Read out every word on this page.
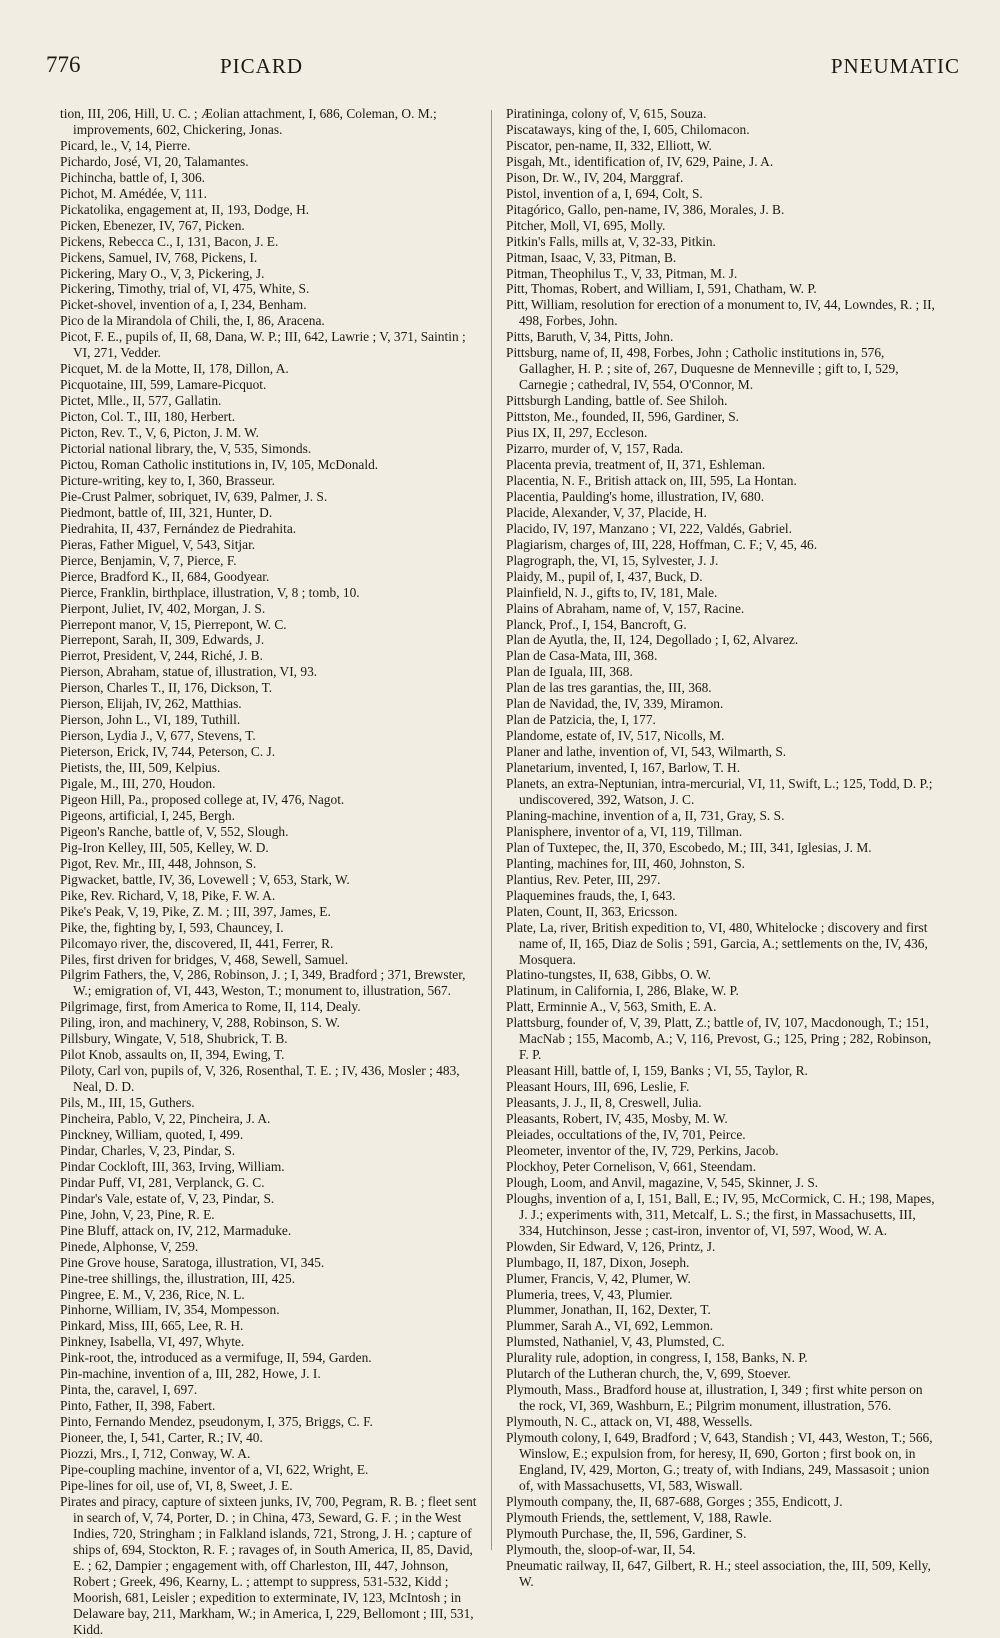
776	PICARD	PNEUMATIC
tion, III, 206, Hill, U. C. ; Æolian attachment, I, 686, Coleman, O. M.; improvements, 602, Chickering, Jonas.
Picard, le., V, 14, Pierre.
Pichardo, José, VI, 20, Talamantes.
Pichincha, battle of, I, 306.
Pichot, M. Amédée, V, 111.
Pickatolika, engagement at, II, 193, Dodge, H.
Picken, Ebenezer, IV, 767, Picken.
Pickens, Rebecca C., I, 131, Bacon, J. E.
Pickens, Samuel, IV, 768, Pickens, I.
Pickering, Mary O., V, 3, Pickering, J.
Pickering, Timothy, trial of, VI, 475, White, S.
Picket-shovel, invention of a, I, 234, Benham.
Pico de la Mirandola of Chili, the, I, 86, Aracena.
Picot, F. E., pupils of, II, 68, Dana, W. P.; III, 642, Lawrie ; V, 371, Saintin ; VI, 271, Vedder.
Picquet, M. de la Motte, II, 178, Dillon, A.
Picquotaine, III, 599, Lamare-Picquot.
Pictet, Mlle., II, 577, Gallatin.
Picton, Col. T., III, 180, Herbert.
Picton, Rev. T., V, 6, Picton, J. M. W.
Pictorial national library, the, V, 535, Simonds.
Pictou, Roman Catholic institutions in, IV, 105, McDonald.
Picture-writing, key to, I, 360, Brasseur.
Pie-Crust Palmer, sobriquet, IV, 639, Palmer, J. S.
Piedmont, battle of, III, 321, Hunter, D.
Piedrahita, II, 437, Fernández de Piedrahita.
Pieras, Father Miguel, V, 543, Sitjar.
Pierce, Benjamin, V, 7, Pierce, F.
Pierce, Bradford K., II, 684, Goodyear.
Pierce, Franklin, birthplace, illustration, V, 8 ; tomb, 10.
Pierpont, Juliet, IV, 402, Morgan, J. S.
Pierrepont manor, V, 15, Pierrepont, W. C.
Pierrepont, Sarah, II, 309, Edwards, J.
Pierrot, President, V, 244, Riché, J. B.
Pierson, Abraham, statue of, illustration, VI, 93.
Pierson, Charles T., II, 176, Dickson, T.
Pierson, Elijah, IV, 262, Matthias.
Pierson, John L., VI, 189, Tuthill.
Pierson, Lydia J., V, 677, Stevens, T.
Pieterson, Erick, IV, 744, Peterson, C. J.
Pietists, the, III, 509, Kelpius.
Pigale, M., III, 270, Houdon.
Pigeon Hill, Pa., proposed college at, IV, 476, Nagot.
Pigeons, artificial, I, 245, Bergh.
Pigeon's Ranche, battle of, V, 552, Slough.
Pig-Iron Kelley, III, 505, Kelley, W. D.
Pigot, Rev. Mr., III, 448, Johnson, S.
Pigwacket, battle, IV, 36, Lovewell ; V, 653, Stark, W.
Pike, Rev. Richard, V, 18, Pike, F. W. A.
Pike's Peak, V, 19, Pike, Z. M. ; III, 397, James, E.
Pike, the, fighting by, I, 593, Chauncey, I.
Pilcomayo river, the, discovered, II, 441, Ferrer, R.
Piles, first driven for bridges, V, 468, Sewell, Samuel.
Pilgrim Fathers, the, V, 286, Robinson, J. ; I, 349, Bradford ; 371, Brewster, W.; emigration of, VI, 443, Weston, T.; monument to, illustration, 567.
Pilgrimage, first, from America to Rome, II, 114, Dealy.
Piling, iron, and machinery, V, 288, Robinson, S. W.
Pillsbury, Wingate, V, 518, Shubrick, T. B.
Pilot Knob, assaults on, II, 394, Ewing, T.
Piloty, Carl von, pupils of, V, 326, Rosenthal, T. E. ; IV, 436, Mosler ; 483, Neal, D. D.
Pils, M., III, 15, Guthers.
Pincheira, Pablo, V, 22, Pincheira, J. A.
Pinckney, William, quoted, I, 499.
Pindar, Charles, V, 23, Pindar, S.
Pindar Cockloft, III, 363, Irving, William.
Pindar Puff, VI, 281, Verplanck, G. C.
Pindar's Vale, estate of, V, 23, Pindar, S.
Pine, John, V, 23, Pine, R. E.
Pine Bluff, attack on, IV, 212, Marmaduke.
Pinede, Alphonse, V, 259.
Pine Grove house, Saratoga, illustration, VI, 345.
Pine-tree shillings, the, illustration, III, 425.
Pingree, E. M., V, 236, Rice, N. L.
Pinhorne, William, IV, 354, Mompesson.
Pinkard, Miss, III, 665, Lee, R. H.
Pinkney, Isabella, VI, 497, Whyte.
Pink-root, the, introduced as a vermifuge, II, 594, Garden.
Pin-machine, invention of a, III, 282, Howe, J. I.
Pinta, the, caravel, I, 697.
Pinto, Father, II, 398, Fabert.
Pinto, Fernando Mendez, pseudonym, I, 375, Briggs, C. F.
Pioneer, the, I, 541, Carter, R.; IV, 40.
Piozzi, Mrs., I, 712, Conway, W. A.
Pipe-coupling machine, inventor of a, VI, 622, Wright, E.
Pipe-lines for oil, use of, VI, 8, Sweet, J. E.
Pirates and piracy, capture of sixteen junks, IV, 700, Pegram, R. B. ; fleet sent in search of, V, 74, Porter, D. ; in China, 473, Seward, G. F. ; in the West Indies, 720, Stringham ; in Falkland islands, 721, Strong, J. H. ; capture of ships of, 694, Stockton, R. F. ; ravages of, in South America, II, 85, David, E. ; 62, Dampier ; engagement with, off Charleston, III, 447, Johnson, Robert ; Greek, 496, Kearny, L. ; attempt to suppress, 531-532, Kidd ; Moorish, 681, Leisler ; expedition to exterminate, IV, 123, McIntosh ; in Delaware bay, 211, Markham, W.; in America, I, 229, Bellomont ; III, 531, Kidd.
Piratininga, colony of, V, 615, Souza.
Piscataways, king of the, I, 605, Chilomacon.
Piscator, pen-name, II, 332, Elliott, W.
Pisgah, Mt., identification of, IV, 629, Paine, J. A.
Pison, Dr. W., IV, 204, Marggraf.
Pistol, invention of a, I, 694, Colt, S.
Pitagórico, Gallo, pen-name, IV, 386, Morales, J. B.
Pitcher, Moll, VI, 695, Molly.
Pitkin's Falls, mills at, V, 32-33, Pitkin.
Pitman, Isaac, V, 33, Pitman, B.
Pitman, Theophilus T., V, 33, Pitman, M. J.
Pitt, Thomas, Robert, and William, I, 591, Chatham, W. P.
Pitt, William, resolution for erection of a monument to, IV, 44, Lowndes, R. ; II, 498, Forbes, John.
Pitts, Baruth, V, 34, Pitts, John.
Pittsburg, name of, II, 498, Forbes, John ; Catholic institutions in, 576, Gallagher, H. P. ; site of, 267, Duquesne de Menneville ; gift to, I, 529, Carnegie ; cathedral, IV, 554, O'Connor, M.
Pittsburgh Landing, battle of. See Shiloh.
Pittston, Me., founded, II, 596, Gardiner, S.
Pius IX, II, 297, Eccleson.
Pizarro, murder of, V, 157, Rada.
Placenta previa, treatment of, II, 371, Eshleman.
Placentia, N. F., British attack on, III, 595, La Hontan.
Placentia, Paulding's home, illustration, IV, 680.
Placide, Alexander, V, 37, Placide, H.
Placido, IV, 197, Manzano ; VI, 222, Valdés, Gabriel.
Plagiarism, charges of, III, 228, Hoffman, C. F.; V, 45, 46.
Plagrograph, the, VI, 15, Sylvester, J. J.
Plaidy, M., pupil of, I, 437, Buck, D.
Plainfield, N. J., gifts to, IV, 181, Male.
Plains of Abraham, name of, V, 157, Racine.
Planck, Prof., I, 154, Bancroft, G.
Plan de Ayutla, the, II, 124, Degollado ; I, 62, Alvarez.
Plan de Casa-Mata, III, 368.
Plan de Iguala, III, 368.
Plan de las tres garantias, the, III, 368.
Plan de Navidad, the, IV, 339, Miramon.
Plan de Patzicia, the, I, 177.
Plandome, estate of, IV, 517, Nicolls, M.
Planer and lathe, invention of, VI, 543, Wilmarth, S.
Planetarium, invented, I, 167, Barlow, T. H.
Planets, an extra-Neptunian, intra-mercurial, VI, 11, Swift, L.; 125, Todd, D. P.; undiscovered, 392, Watson, J. C.
Planing-machine, invention of a, II, 731, Gray, S. S.
Planisphere, inventor of a, VI, 119, Tillman.
Plan of Tuxtepec, the, II, 370, Escobedo, M.; III, 341, Iglesias, J. M.
Planting, machines for, III, 460, Johnston, S.
Plantius, Rev. Peter, III, 297.
Plaquemines frauds, the, I, 643.
Platen, Count, II, 363, Ericsson.
Plate, La, river, British expedition to, VI, 480, Whitelocke ; discovery and first name of, II, 165, Diaz de Solis ; 591, Garcia, A.; settlements on the, IV, 436, Mosquera.
Platino-tungstes, II, 638, Gibbs, O. W.
Platinum, in California, I, 286, Blake, W. P.
Platt, Erminnie A., V, 563, Smith, E. A.
Plattsburg, founder of, V, 39, Platt, Z.; battle of, IV, 107, Macdonough, T.; 151, MacNab ; 155, Macomb, A.; V, 116, Prevost, G.; 125, Pring ; 282, Robinson, F. P.
Pleasant Hill, battle of, I, 159, Banks ; VI, 55, Taylor, R.
Pleasant Hours, III, 696, Leslie, F.
Pleasants, J. J., II, 8, Creswell, Julia.
Pleasants, Robert, IV, 435, Mosby, M. W.
Pleiades, occultations of the, IV, 701, Peirce.
Pleometer, inventor of the, IV, 729, Perkins, Jacob.
Plockhoy, Peter Cornelison, V, 661, Steendam.
Plough, Loom, and Anvil, magazine, V, 545, Skinner, J. S.
Ploughs, invention of a, I, 151, Ball, E.; IV, 95, McCormick, C. H.; 198, Mapes, J. J.; experiments with, 311, Metcalf, L. S.; the first, in Massachusetts, III, 334, Hutchinson, Jesse ; cast-iron, inventor of, VI, 597, Wood, W. A.
Plowden, Sir Edward, V, 126, Printz, J.
Plumbago, II, 187, Dixon, Joseph.
Plumer, Francis, V, 42, Plumer, W.
Plumeria, trees, V, 43, Plumier.
Plummer, Jonathan, II, 162, Dexter, T.
Plummer, Sarah A., VI, 692, Lemmon.
Plumsted, Nathaniel, V, 43, Plumsted, C.
Plurality rule, adoption, in congress, I, 158, Banks, N. P.
Plutarch of the Lutheran church, the, V, 699, Stoever.
Plymouth, Mass., Bradford house at, illustration, I, 349 ; first white person on the rock, VI, 369, Washburn, E.; Pilgrim monument, illustration, 576.
Plymouth, N. C., attack on, VI, 488, Wessells.
Plymouth colony, I, 649, Bradford ; V, 643, Standish ; VI, 443, Weston, T.; 566, Winslow, E.; expulsion from, for heresy, II, 690, Gorton ; first book on, in England, IV, 429, Morton, G.; treaty of, with Indians, 249, Massasoit ; union of, with Massachusetts, VI, 583, Wiswall.
Plymouth company, the, II, 687-688, Gorges ; 355, Endicott, J.
Plymouth Friends, the, settlement, V, 188, Rawle.
Plymouth Purchase, the, II, 596, Gardiner, S.
Plymouth, the, sloop-of-war, II, 54.
Pneumatic railway, II, 647, Gilbert, R. H.; steel association, the, III, 509, Kelly, W.
